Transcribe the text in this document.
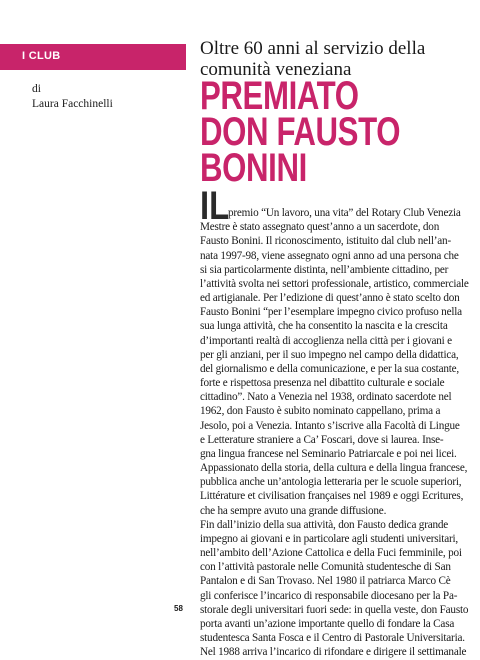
I CLUB
di
Laura Facchinelli
Oltre 60 anni al servizio della
comunità veneziana
PREMIATO
DON FAUSTO
BONINI
IL
premio “Un lavoro, una vita” del Rotary Club Venezia
Mestre è stato assegnato quest’anno a un sacerdote, don
Fausto Bonini. Il riconoscimento, istituito dal club nell’an-
nata 1997-98, viene assegnato ogni anno ad una persona che
si sia particolarmente distinta, nell’ambiente cittadino, per
l’attività svolta nei settori professionale, artistico, commerciale
ed artigianale. Per l’edizione di quest’anno è stato scelto don
Fausto Bonini “per l’esemplare impegno civico profuso nella
sua lunga attività, che ha consentito la nascita e la crescita
d’importanti realtà di accoglienza nella città per i giovani e
per gli anziani, per il suo impegno nel campo della didattica,
del giornalismo e della comunicazione, e per la sua costante,
forte e rispettosa presenza nel dibattito culturale e sociale
cittadino”. Nato a Venezia nel 1938, ordinato sacerdote nel
1962, don Fausto è subito nominato cappellano, prima a
Jesolo, poi a Venezia. Intanto s’iscrive alla Facoltà di Lingue
e Letterature straniere a Ca’ Foscari, dove si laurea. Inse-
gna lingua francese nel Seminario Patriarcale e poi nei licei.
Appassionato della storia, della cultura e della lingua francese,
pubblica anche un’antologia letteraria per le scuole superiori,
Littérature et civilisation françaises nel 1989 e oggi Ecritures,
che ha sempre avuto una grande diffusione.
Fin dall’inizio della sua attività, don Fausto dedica grande
impegno ai giovani e in particolare agli studenti universitari,
nell’ambito dell’Azione Cattolica e della Fuci femminile, poi
con l’attività pastorale nelle Comunità studentesche di San
Pantalon e di San Trovaso. Nel 1980 il patriarca Marco Cè
gli conferisce l’incarico di responsabile diocesano per la Pa-
storale degli universitari fuori sede: in quella veste, don Fausto
porta avanti un’azione importante quello di fondare la Casa
studentesca Santa Fosca e il Centro di Pastorale Universitaria.
Nel 1988 arriva l’incarico di rifondare e dirigere il settimanale
58
